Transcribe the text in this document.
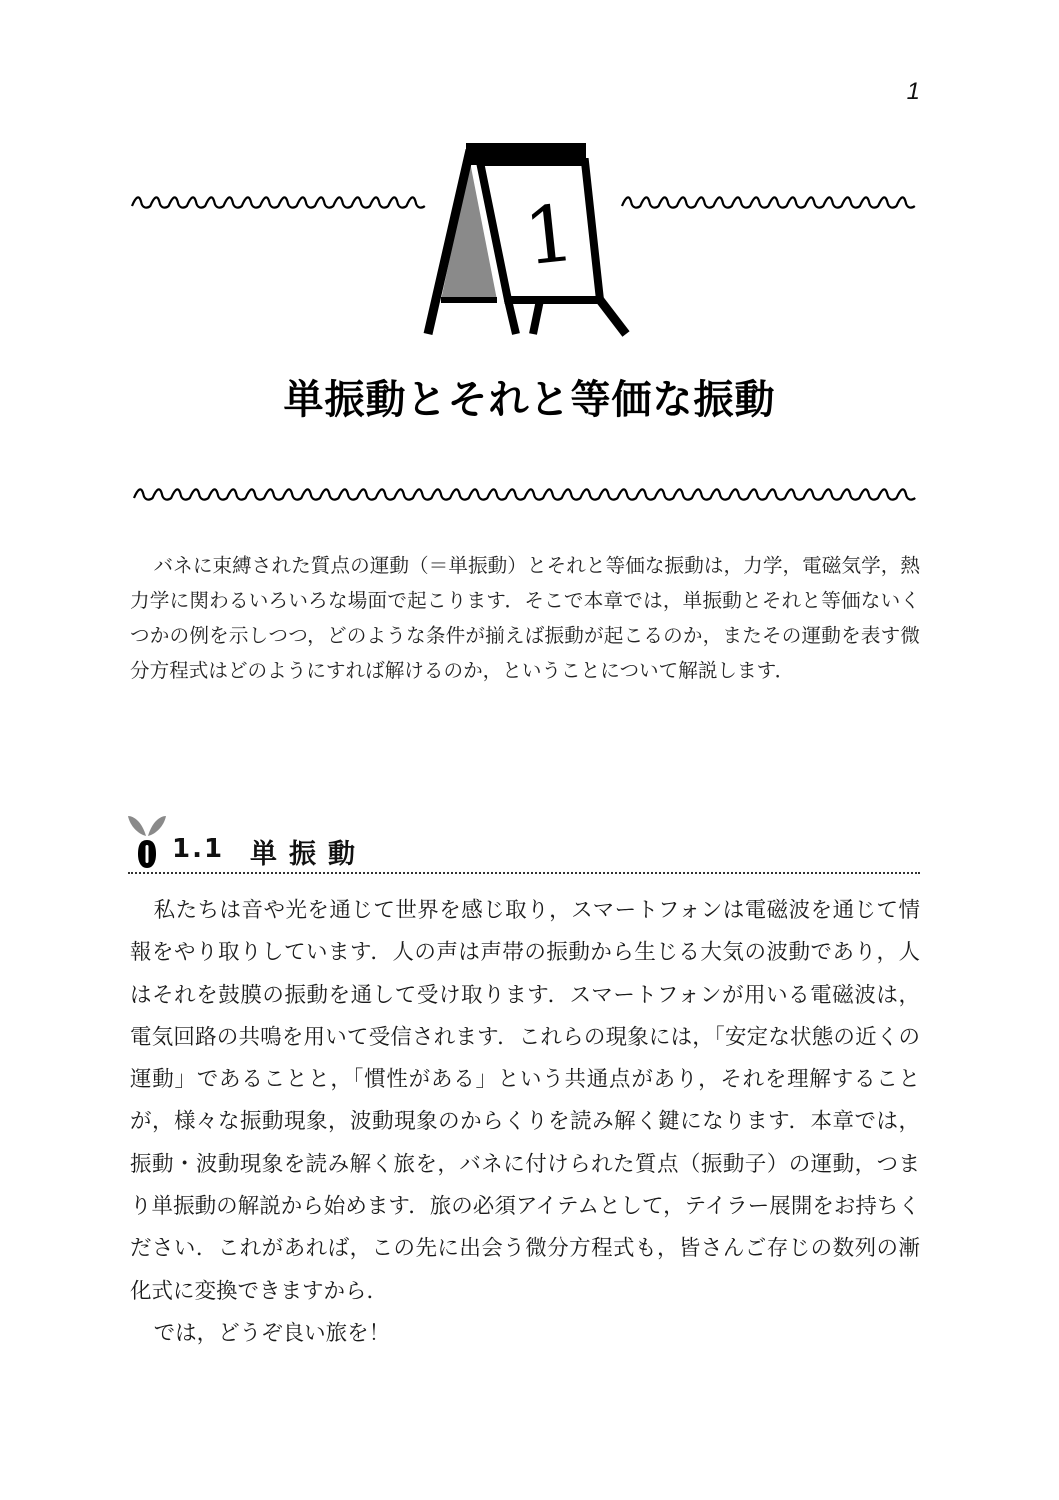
1
1
単振動とそれと等価な振動

バネに束縛された質点の運動（＝単振動）とそれと等価な振動は，力学，電磁気学，熱力学に関わるいろいろな場面で起こります．そこで本章では，単振動とそれと等価ないくつかの例を示しつつ，どのような条件が揃えば振動が起こるのか，またその運動を表す微分方程式はどのようにすれば解けるのか，ということについて解説します．

1.1 単振動

私たちは音や光を通じて世界を感じ取り，スマートフォンは電磁波を通じて情報をやり取りしています．人の声は声帯の振動から生じる大気の波動であり，人はそれを鼓膜の振動を通して受け取ります．スマートフォンが用いる電磁波は，電気回路の共鳴を用いて受信されます．これらの現象には，「安定な状態の近くの運動」であることと，「慣性がある」という共通点があり，それを理解することが，様々な振動現象，波動現象のからくりを読み解く鍵になります．本章では，振動・波動現象を読み解く旅を，バネに付けられた質点（振動子）の運動，つまり単振動の解説から始めます．旅の必須アイテムとして，テイラー展開をお持ちください．これがあれば，この先に出会う微分方程式も，皆さんご存じの数列の漸化式に変換できますから．

では，どうぞ良い旅を！
